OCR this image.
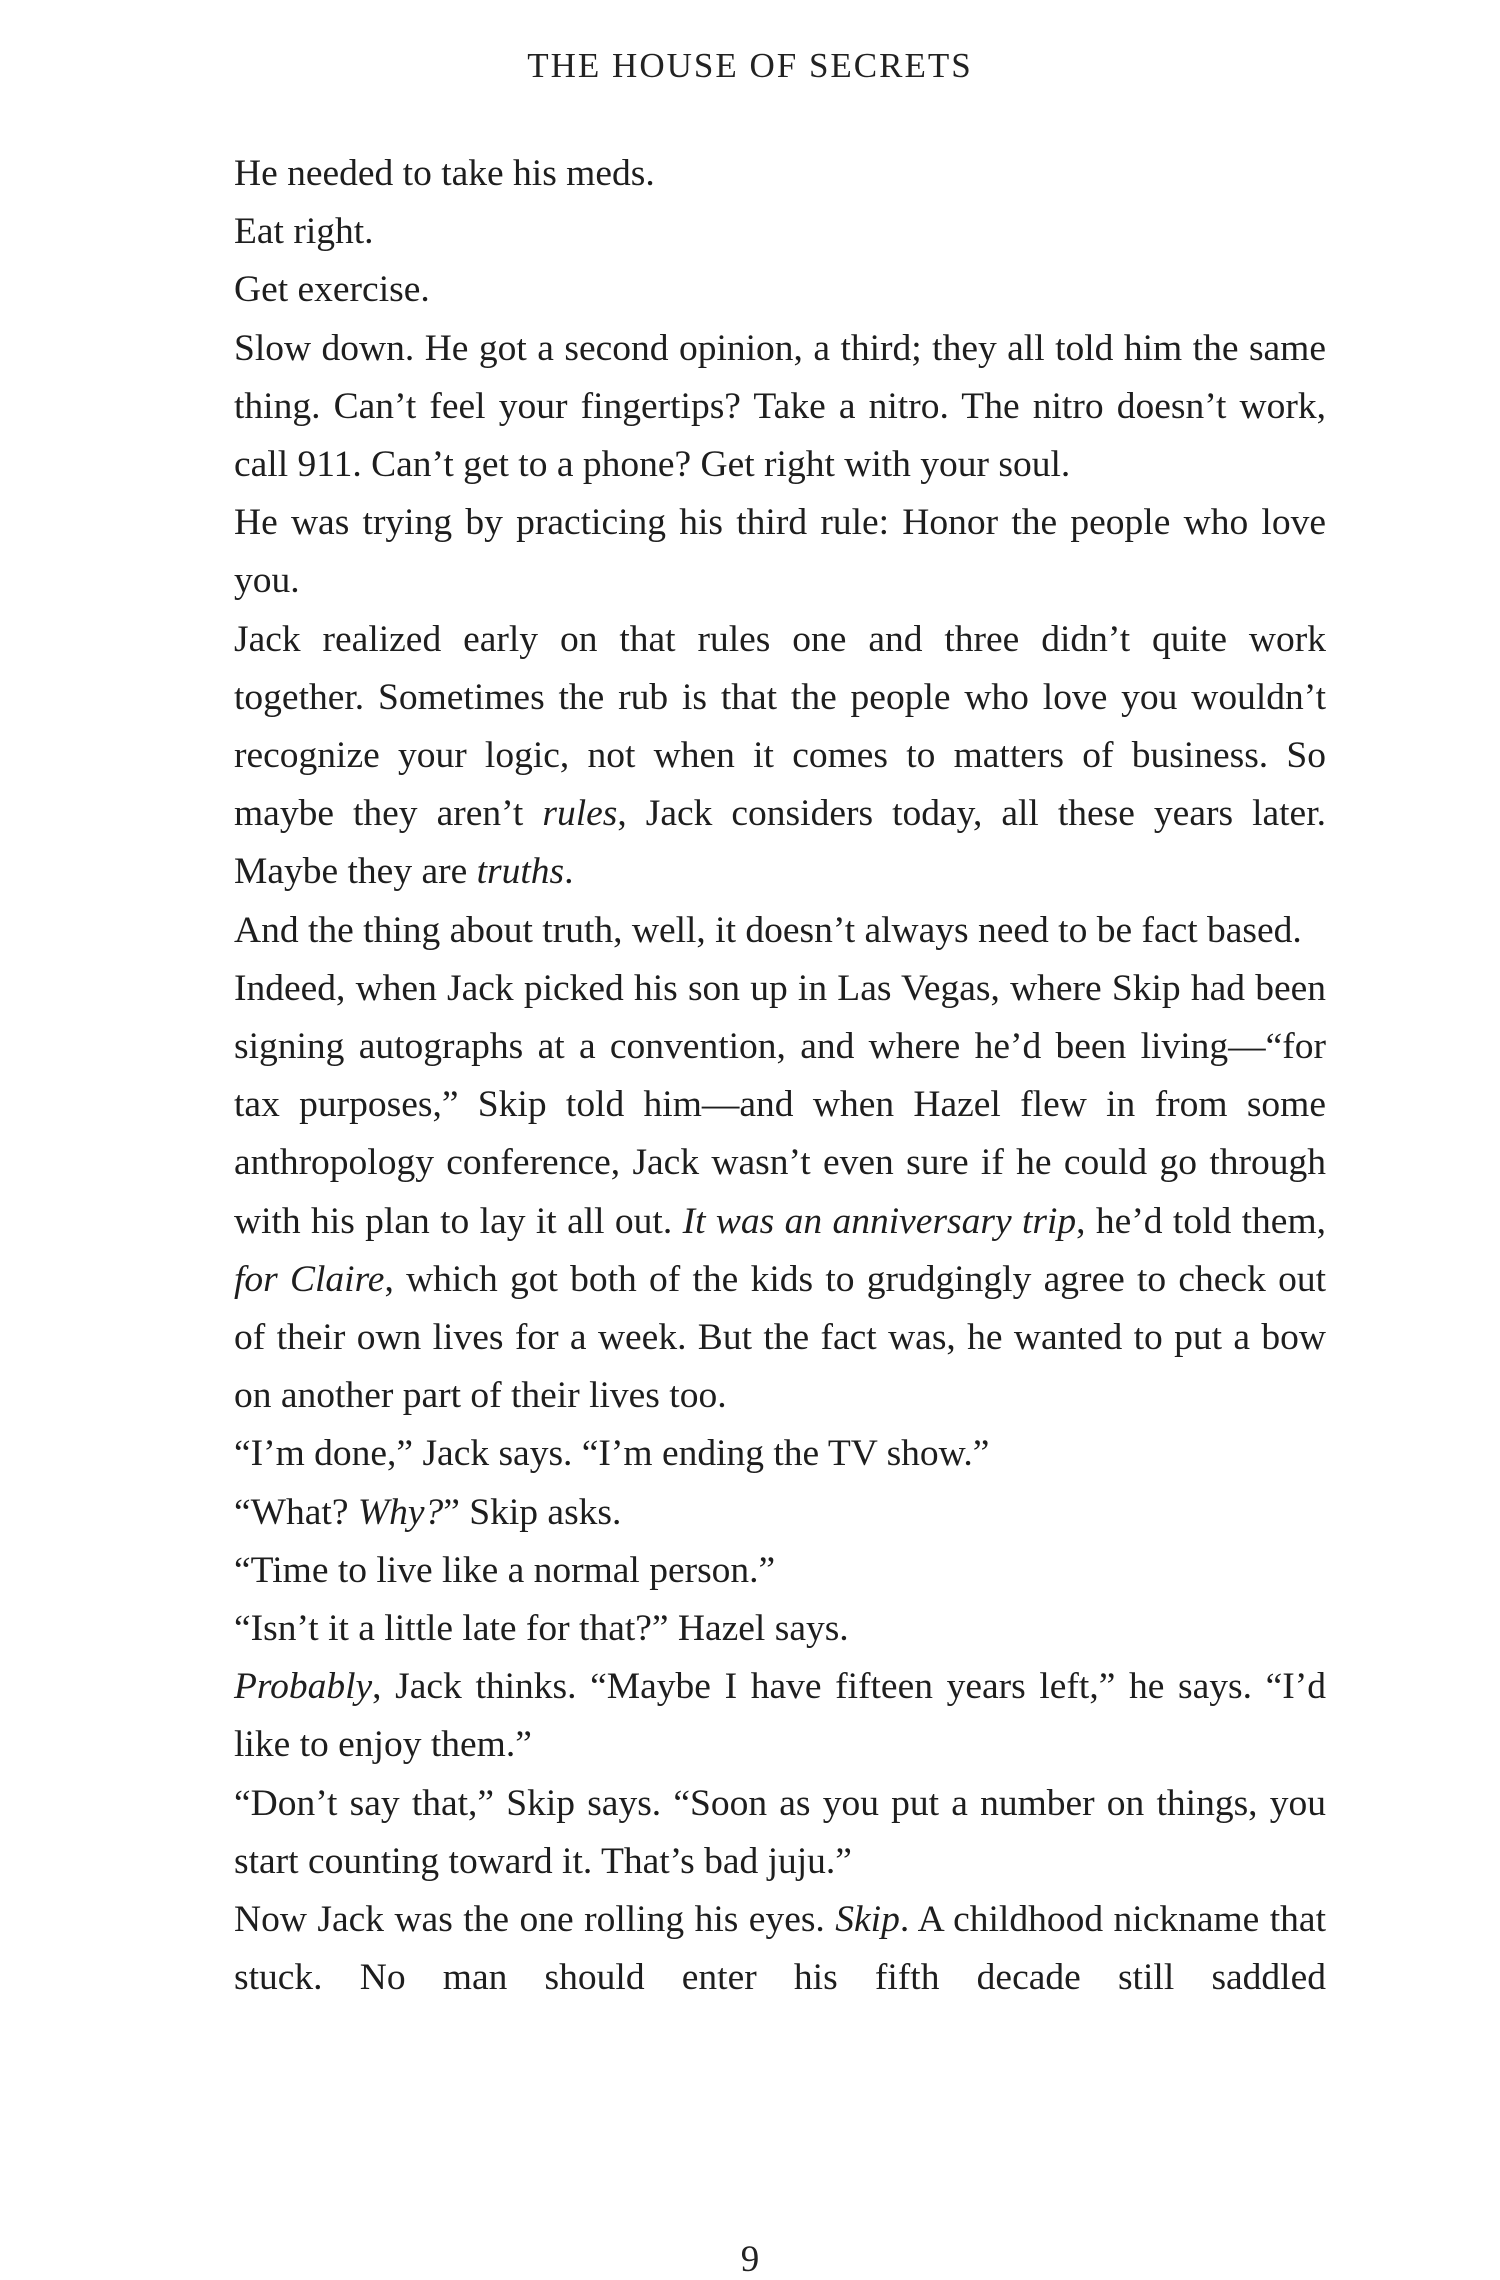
THE HOUSE OF SECRETS

He needed to take his meds.

Eat right.

Get exercise.

Slow down. He got a second opinion, a third; they all told him the same thing. Can’t feel your fingertips? Take a nitro. The nitro doesn’t work, call 911. Can’t get to a phone? Get right with your soul.

He was trying by practicing his third rule: Honor the people who love you.

Jack realized early on that rules one and three didn’t quite work together. Sometimes the rub is that the people who love you wouldn’t recognize your logic, not when it comes to matters of business. So maybe they aren’t rules, Jack considers today, all these years later. Maybe they are truths.

And the thing about truth, well, it doesn’t always need to be fact based.

Indeed, when Jack picked his son up in Las Vegas, where Skip had been signing autographs at a convention, and where he’d been living—“for tax purposes,” Skip told him—and when Hazel flew in from some anthropology conference, Jack wasn’t even sure if he could go through with his plan to lay it all out. It was an anniversary trip, he’d told them, for Claire, which got both of the kids to grudgingly agree to check out of their own lives for a week. But the fact was, he wanted to put a bow on another part of their lives too.

“I’m done,” Jack says. “I’m ending the TV show.”

“What? Why?” Skip asks.

“Time to live like a normal person.”

“Isn’t it a little late for that?” Hazel says.

Probably, Jack thinks. “Maybe I have fifteen years left,” he says. “I’d like to enjoy them.”

“Don’t say that,” Skip says. “Soon as you put a number on things, you start counting toward it. That’s bad juju.”

Now Jack was the one rolling his eyes. Skip. A childhood nickname that stuck. No man should enter his fifth decade still saddled

9
